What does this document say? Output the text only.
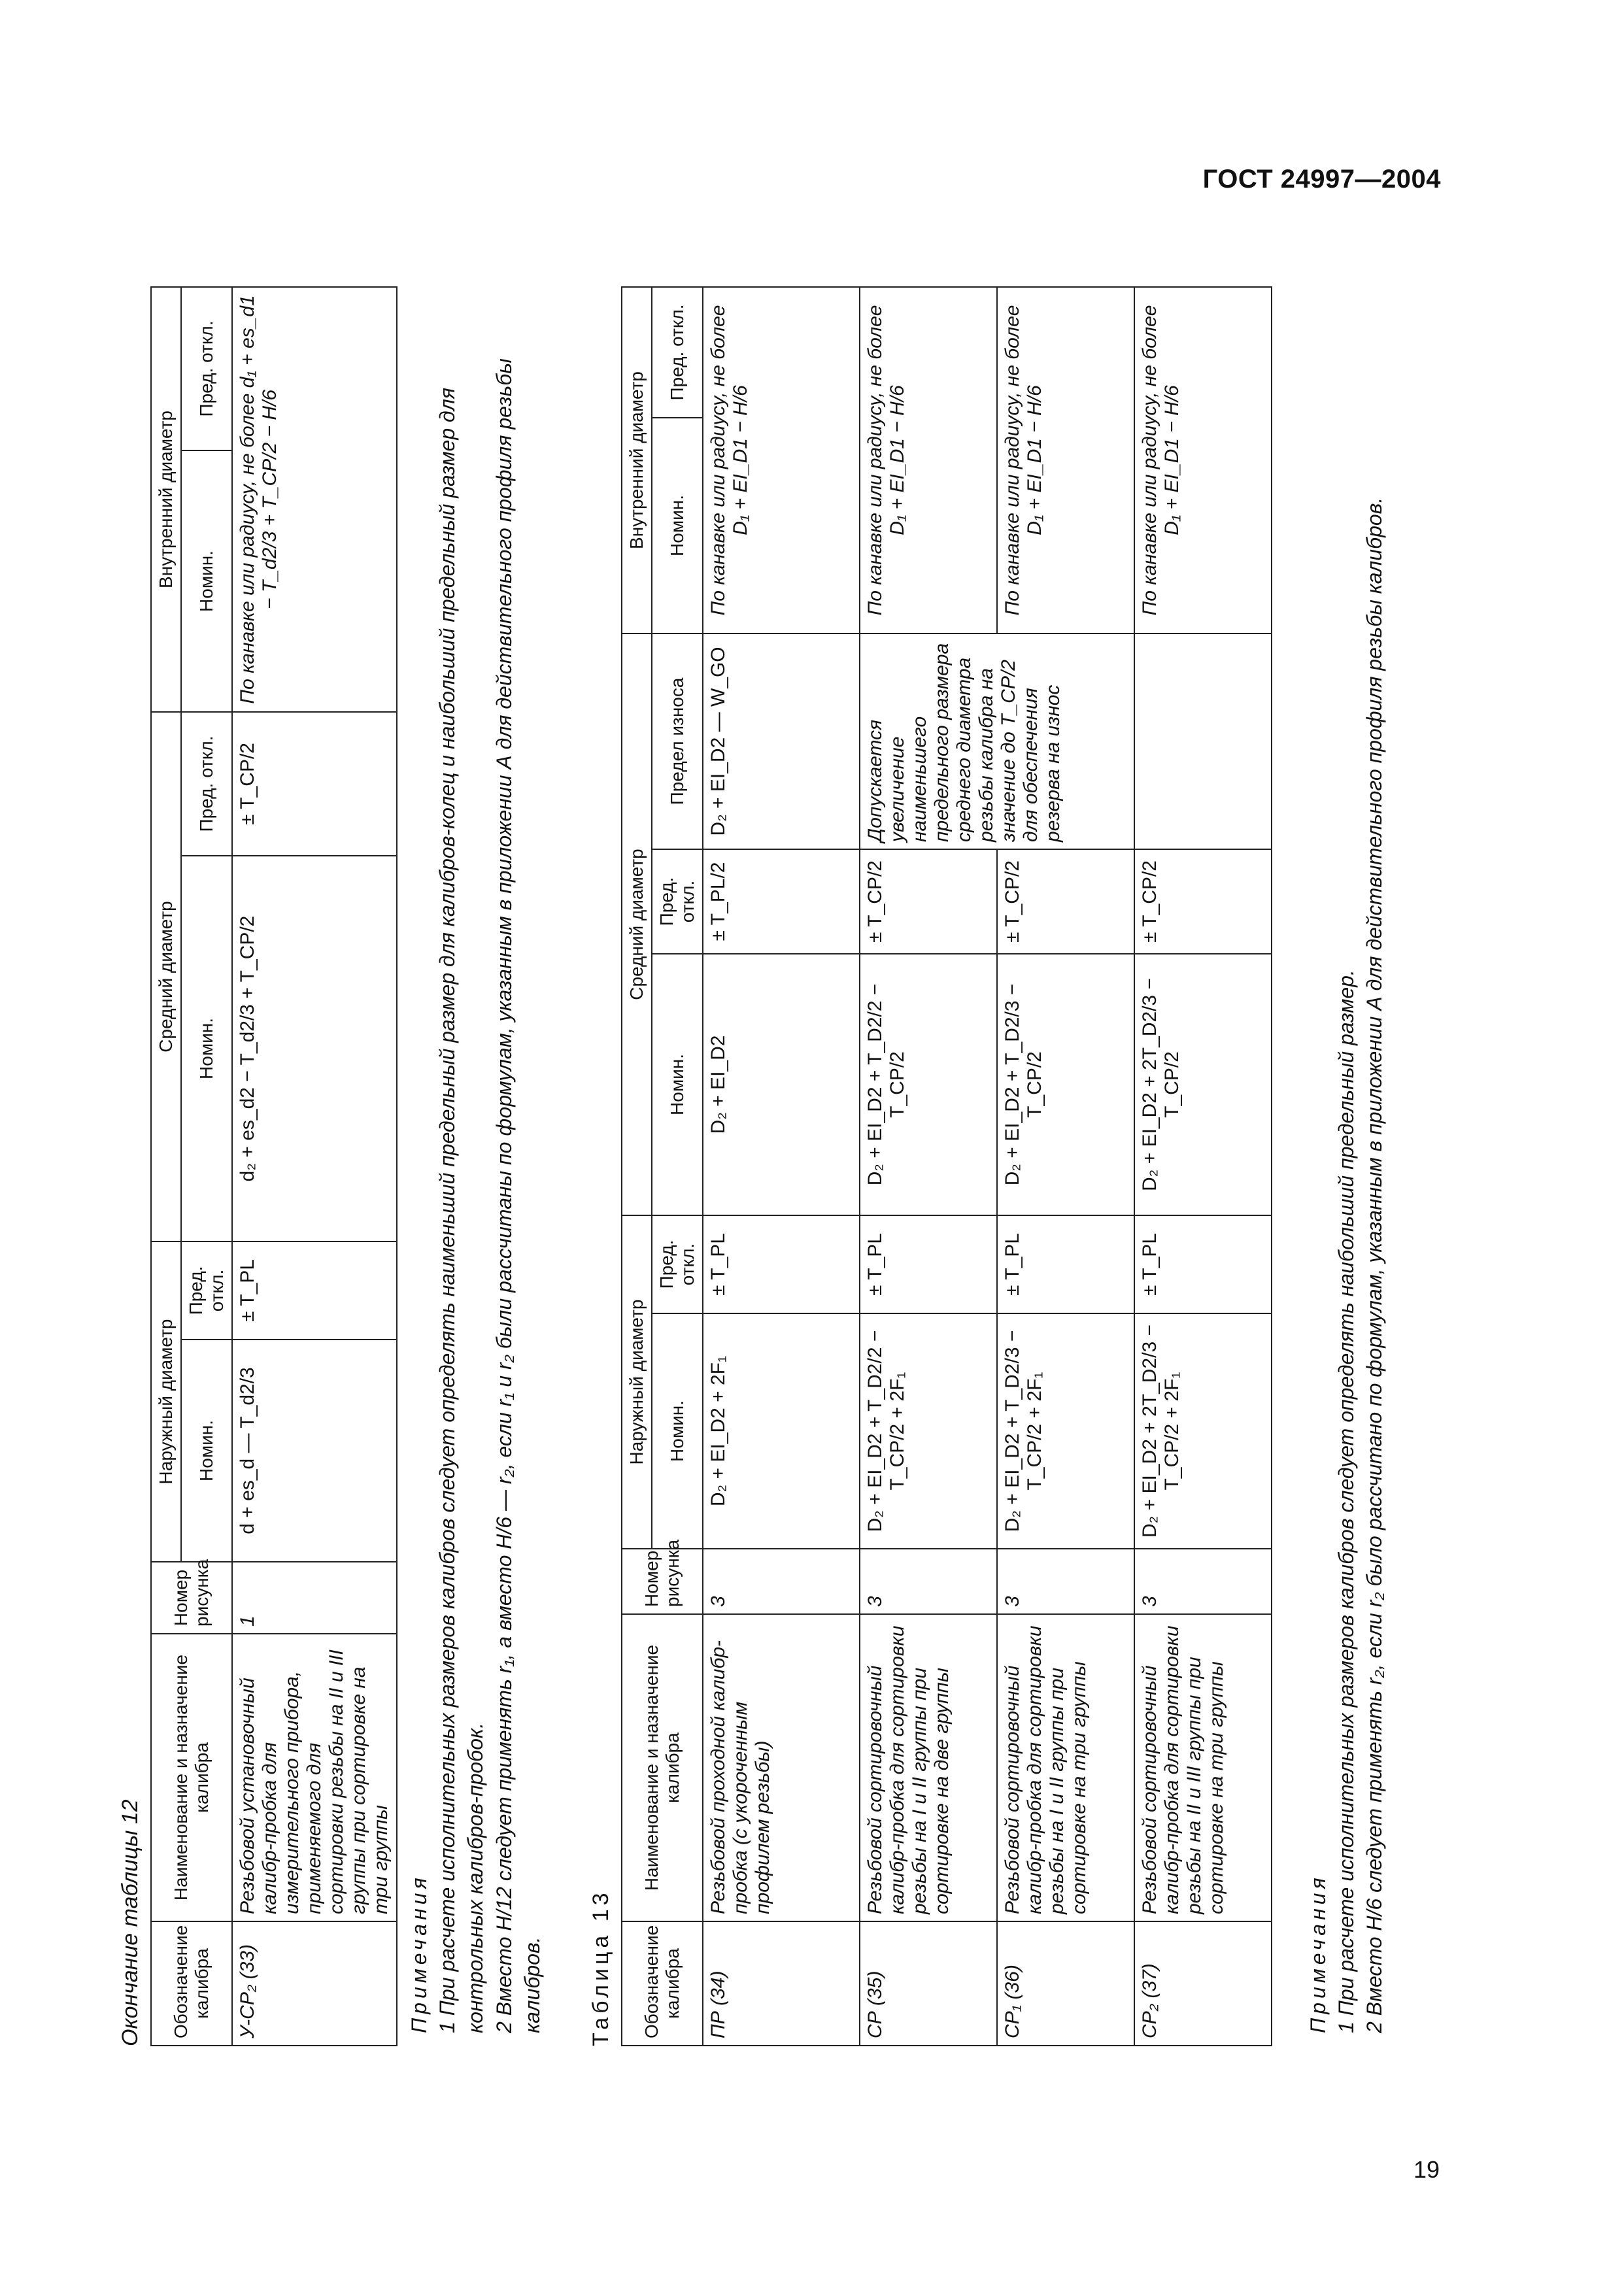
ГОСТ 24997—2004
19
Окончание таблицы 12 Обозначение калибра	Наименование и назначение калибра	Номер рисунка	Наружный диаметр		Средний диаметр		Внутренний диаметр	
			Номин.	Пред. откл.	Номин.	Пред. откл.	Номин.	Пред. откл.
У-СР₂ (33)	Резьбовой установочный калибр-пробка для измерительного прибора, применяемого для сортировки резьбы на II и III группы при сортировке на три группы	1	d + es_d — T_d2/3	± T_PL	d₂ + es_d2 − T_d2/3 + T_CP/2	± T_CP/2	По канавке или радиусу, не более d₁ + es_d1 − T_d2/3 + T_CP/2 − H/6	
Примечания 1 При расчете исполнительных размеров калибров следует определять наименьший предельный размер для калибров-колец и наибольший предельный размер для контрольных калибров-пробок. 2 Вместо H/12 следует применять r₁, а вместо H/6 — r₂, если r₁ и r₂ были рассчитаны по формулам, указанным в приложении А для действительного профиля резьбы калибров. Таблица 13 Обозначение калибра	Наименование и назначение калибра	Номер рисунка	Наружный диаметр		Средний диаметр			Внутренний диаметр	
			Номин.	Пред. откл.	Номин.	Пред. откл.	Предел износа	Номин.	Пред. откл.
ПР (34)	Резьбовой проходной калибр-пробка (с укороченным профилем резьбы)	3	D₂ + EI_D2 + 2F₁	± T_PL	D₂ + EI_D2	± T_PL/2	D₂ + EI_D2 — W_GO	По канавке или радиусу, не более D₁ + EI_D1 − H/6	
СР (35)	Резьбовой сортировочный калибр-пробка для сортировки резьбы на I и II группы при сортировке на две группы	3	D₂ + EI_D2 + T_D2/2 − T_CP/2 + 2F₁	± T_PL	D₂ + EI_D2 + T_D2/2 − T_CP/2	± T_CP/2	Допускается увеличение наименьшего предельного размера среднего диаметра резьбы калибра на значение до T_CP/2 для обеспечения резерва на износ	По канавке или радиусу, не более D₁ + EI_D1 − H/6	
СР₁ (36)	Резьбовой сортировочный калибр-пробка для сортировки резьбы на I и II группы при сортировке на три группы	3	D₂ + EI_D2 + T_D2/3 − T_CP/2 + 2F₁	± T_PL	D₂ + EI_D2 + T_D2/3 − T_CP/2	± T_CP/2		По канавке или радиусу, не более D₁ + EI_D1 − H/6	
СР₂ (37)	Резьбовой сортировочный калибр-пробка для сортировки резьбы на II и III группы при сортировке на три группы	3	D₂ + EI_D2 + 2T_D2/3 − T_CP/2 + 2F₁	± T_PL	D₂ + EI_D2 + 2T_D2/3 − T_CP/2	± T_CP/2		По канавке или радиусу, не более D₁ + EI_D1 − H/6	
Примечания 1 При расчете исполнительных размеров калибров следует определять наибольший предельный размер. 2 Вместо H/6 следует применять r₂, если r₂ было рассчитано по формулам, указанным в приложении А для действительного профиля резьбы калибров.
